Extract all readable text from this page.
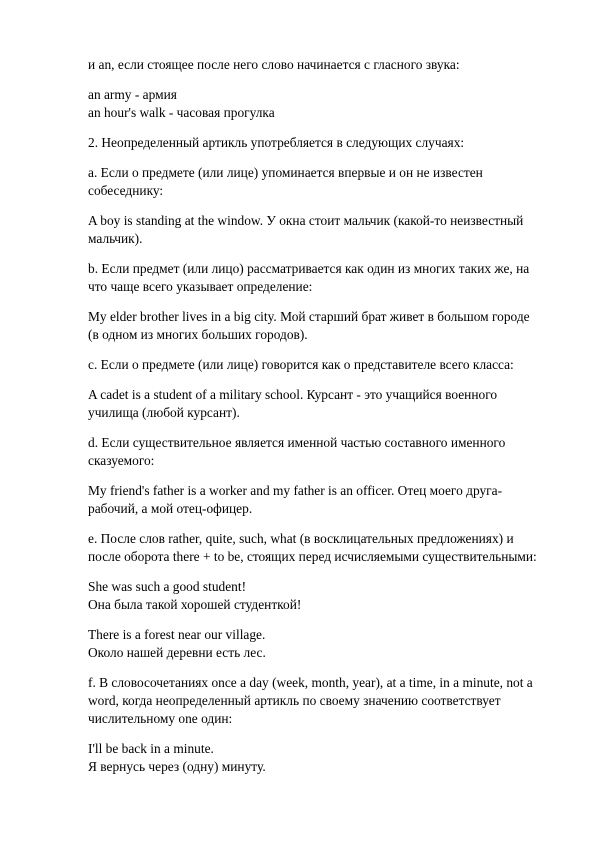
и an, если стоящее после него слово начинается с гласного звука:

an army - армия
an hour's walk - часовая прогулка

2. Неопределенный артикль употребляется в следующих случаях:

a. Если о предмете (или лице) упоминается впервые и он не известен
собеседнику:

A boy is standing at the window. У окна стоит мальчик (какой-то неизвестный
мальчик).

b. Если предмет (или лицо) рассматривается как один из многих таких же, на
что чаще всего указывает определение:

My elder brother lives in a big city. Мой старший брат живет в большом городе
(в одном из многих больших городов).

c. Если о предмете (или лице) говорится как о представителе всего класса:

A cadet is a student of a military school. Курсант - это учащийся военного
училища (любой курсант).

d. Если существительное является именной частью составного именного
сказуемого:

My friend's father is a worker and my father is an officer. Отец моего друга-
рабочий, а мой отец-офицер.

e. После слов rather, quite, such, what (в восклицательных предложениях) и
после оборота there + to be, стоящих перед исчисляемыми существительными:

She was such a good student!
Она была такой хорошей студенткой!

There is a forest near our village.
Около нашей деревни есть лес.

f. В словосочетаниях once a day (week, month, year), at a time, in a minute, not a
word, когда неопределенный артикль по своему значению соответствует
числительному one один:

I'll be back in a minute.
Я вернусь через (одну) минуту.
